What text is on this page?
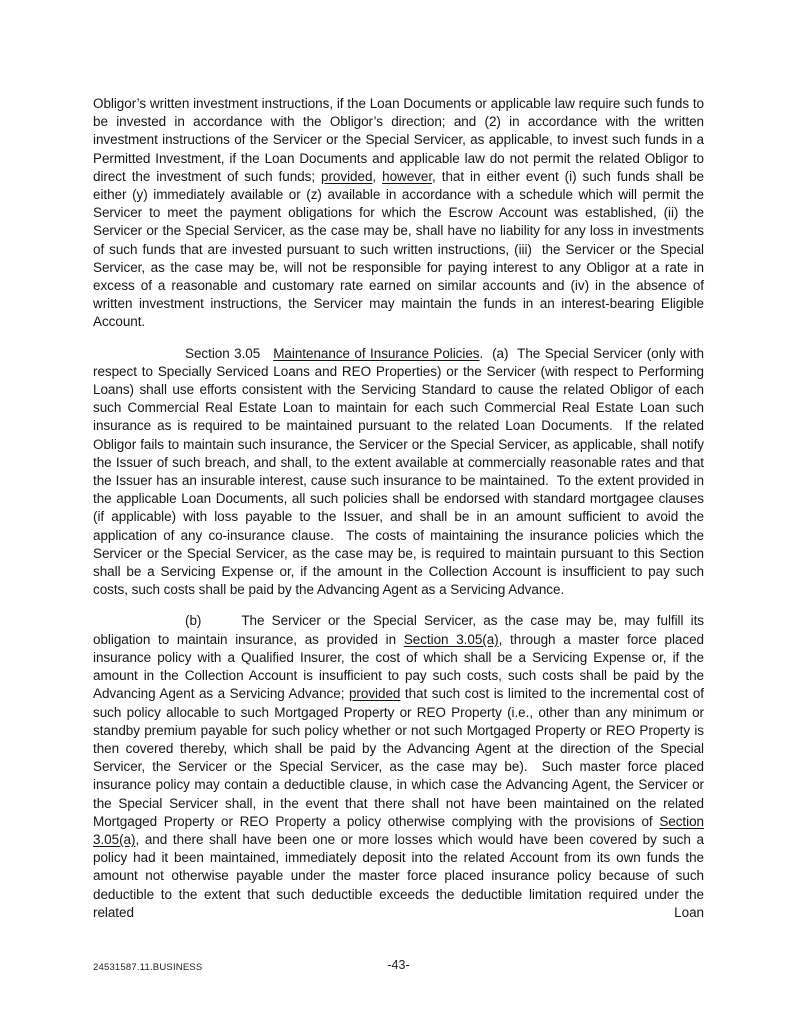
Obligor’s written investment instructions, if the Loan Documents or applicable law require such funds to be invested in accordance with the Obligor’s direction; and (2) in accordance with the written investment instructions of the Servicer or the Special Servicer, as applicable, to invest such funds in a Permitted Investment, if the Loan Documents and applicable law do not permit the related Obligor to direct the investment of such funds; provided, however, that in either event (i) such funds shall be either (y) immediately available or (z) available in accordance with a schedule which will permit the Servicer to meet the payment obligations for which the Escrow Account was established, (ii) the Servicer or the Special Servicer, as the case may be, shall have no liability for any loss in investments of such funds that are invested pursuant to such written instructions, (iii)  the Servicer or the Special Servicer, as the case may be, will not be responsible for paying interest to any Obligor at a rate in excess of a reasonable and customary rate earned on similar accounts and (iv) in the absence of written investment instructions, the Servicer may maintain the funds in an interest-bearing Eligible Account.

Section 3.05 Maintenance of Insurance Policies.  (a)  The Special Servicer (only with respect to Specially Serviced Loans and REO Properties) or the Servicer (with respect to Performing Loans) shall use efforts consistent with the Servicing Standard to cause the related Obligor of each such Commercial Real Estate Loan to maintain for each such Commercial Real Estate Loan such insurance as is required to be maintained pursuant to the related Loan Documents.  If the related Obligor fails to maintain such insurance, the Servicer or the Special Servicer, as applicable, shall notify the Issuer of such breach, and shall, to the extent available at commercially reasonable rates and that the Issuer has an insurable interest, cause such insurance to be maintained.  To the extent provided in the applicable Loan Documents, all such policies shall be endorsed with standard mortgagee clauses (if applicable) with loss payable to the Issuer, and shall be in an amount sufficient to avoid the application of any co-insurance clause.  The costs of maintaining the insurance policies which the Servicer or the Special Servicer, as the case may be, is required to maintain pursuant to this Section shall be a Servicing Expense or, if the amount in the Collection Account is insufficient to pay such costs, such costs shall be paid by the Advancing Agent as a Servicing Advance.

(b)	The Servicer or the Special Servicer, as the case may be, may fulfill its obligation to maintain insurance, as provided in Section 3.05(a), through a master force placed insurance policy with a Qualified Insurer, the cost of which shall be a Servicing Expense or, if the amount in the Collection Account is insufficient to pay such costs, such costs shall be paid by the Advancing Agent as a Servicing Advance; provided that such cost is limited to the incremental cost of such policy allocable to such Mortgaged Property or REO Property (i.e., other than any minimum or standby premium payable for such policy whether or not such Mortgaged Property or REO Property is then covered thereby, which shall be paid by the Advancing Agent at the direction of the Special Servicer, the Servicer or the Special Servicer, as the case may be).  Such master force placed insurance policy may contain a deductible clause, in which case the Advancing Agent, the Servicer or the Special Servicer shall, in the event that there shall not have been maintained on the related Mortgaged Property or REO Property a policy otherwise complying with the provisions of Section 3.05(a), and there shall have been one or more losses which would have been covered by such a policy had it been maintained, immediately deposit into the related Account from its own funds the amount not otherwise payable under the master force placed insurance policy because of such deductible to the extent that such deductible exceeds the deductible limitation required under the related Loan

24531587.11.BUSINESS	-43-
